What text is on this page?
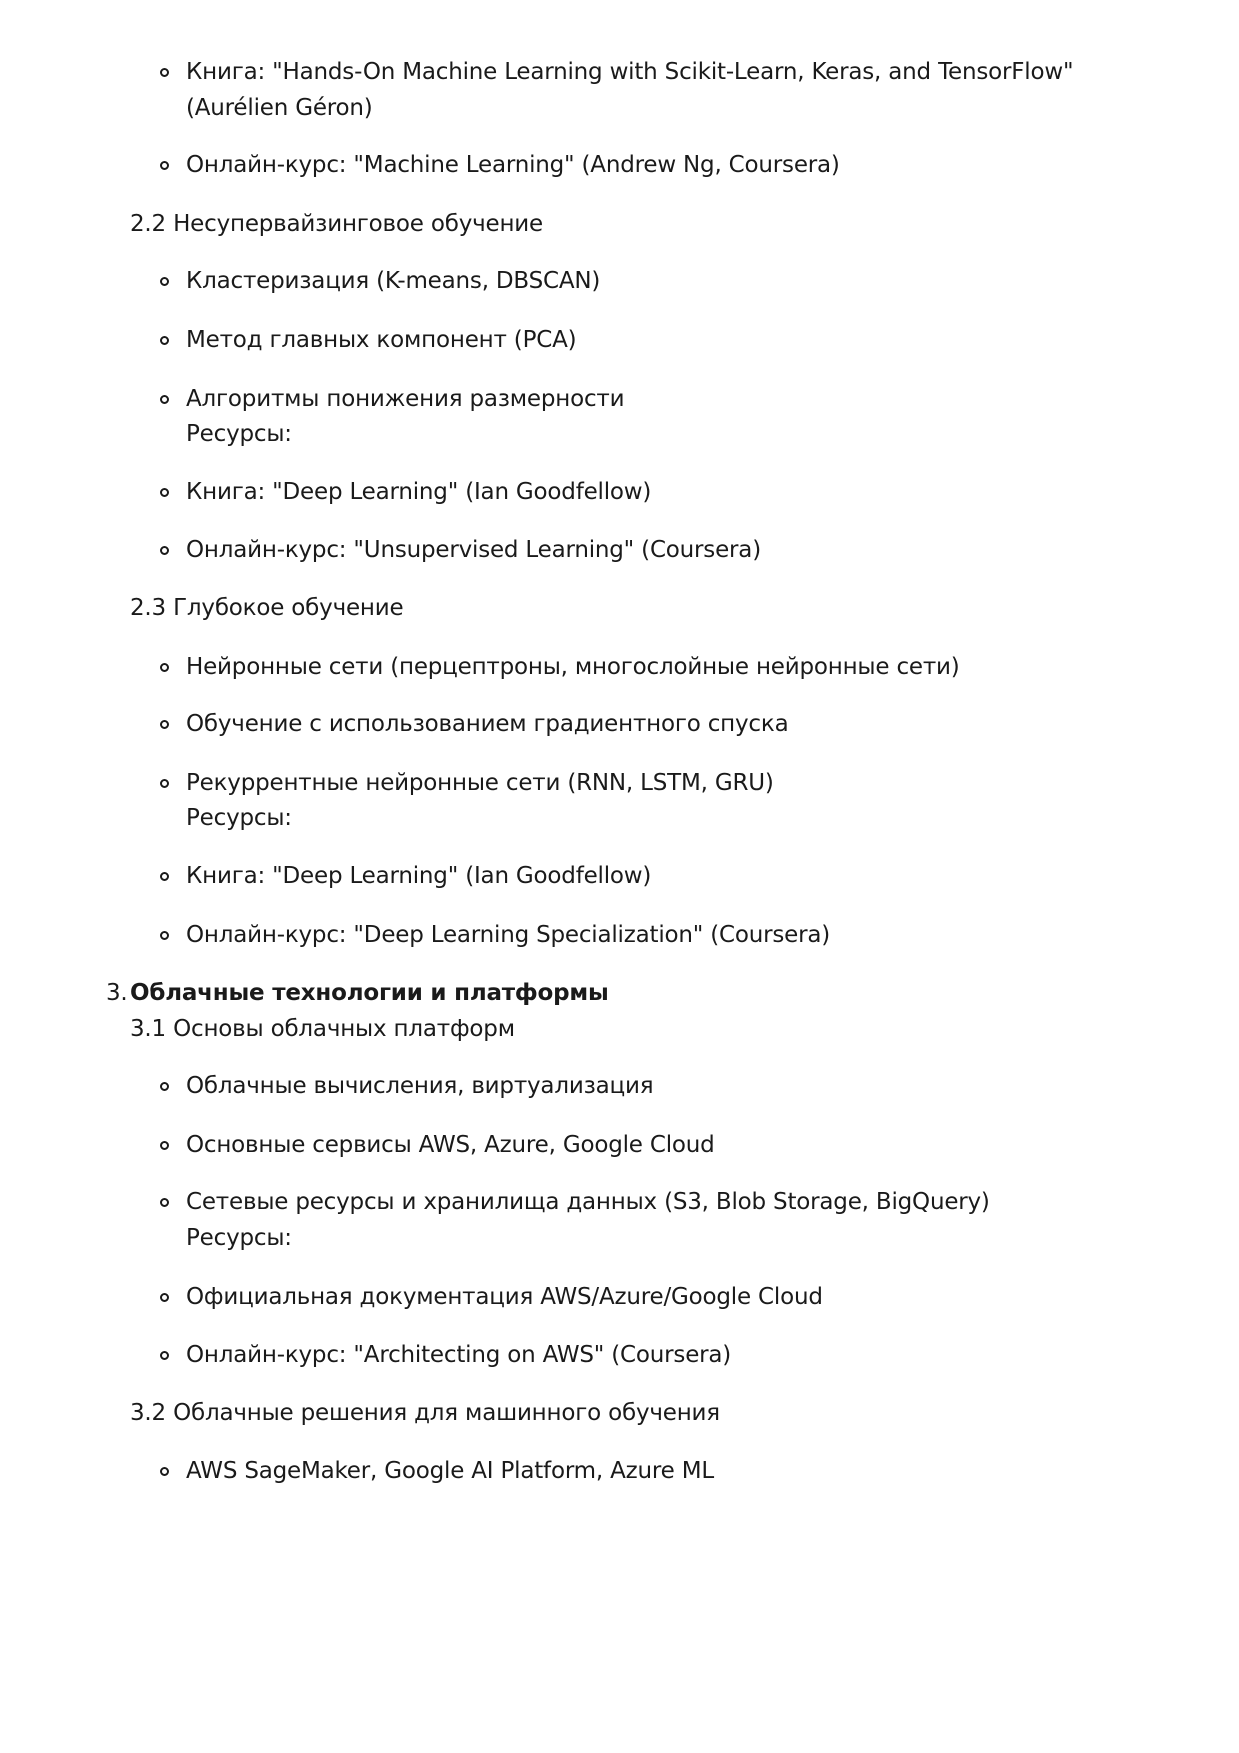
Книга: "Hands-On Machine Learning with Scikit-Learn, Keras, and TensorFlow"
(Aurélien Géron)
Онлайн-курс: "Machine Learning" (Andrew Ng, Coursera)
2.2 Несупервайзинговое обучение
Кластеризация (K-means, DBSCAN)
Метод главных компонент (PCA)
Алгоритмы понижения размерности
Ресурсы:
Книга: "Deep Learning" (Ian Goodfellow)
Онлайн-курс: "Unsupervised Learning" (Coursera)
2.3 Глубокое обучение
Нейронные сети (перцептроны, многослойные нейронные сети)
Обучение с использованием градиентного спуска
Рекуррентные нейронные сети (RNN, LSTM, GRU)
Ресурсы:
Книга: "Deep Learning" (Ian Goodfellow)
Онлайн-курс: "Deep Learning Specialization" (Coursera)
3. Облачные технологии и платформы
3.1 Основы облачных платформ
Облачные вычисления, виртуализация
Основные сервисы AWS, Azure, Google Cloud
Сетевые ресурсы и хранилища данных (S3, Blob Storage, BigQuery)
Ресурсы:
Официальная документация AWS/Azure/Google Cloud
Онлайн-курс: "Architecting on AWS" (Coursera)
3.2 Облачные решения для машинного обучения
AWS SageMaker, Google AI Platform, Azure ML
